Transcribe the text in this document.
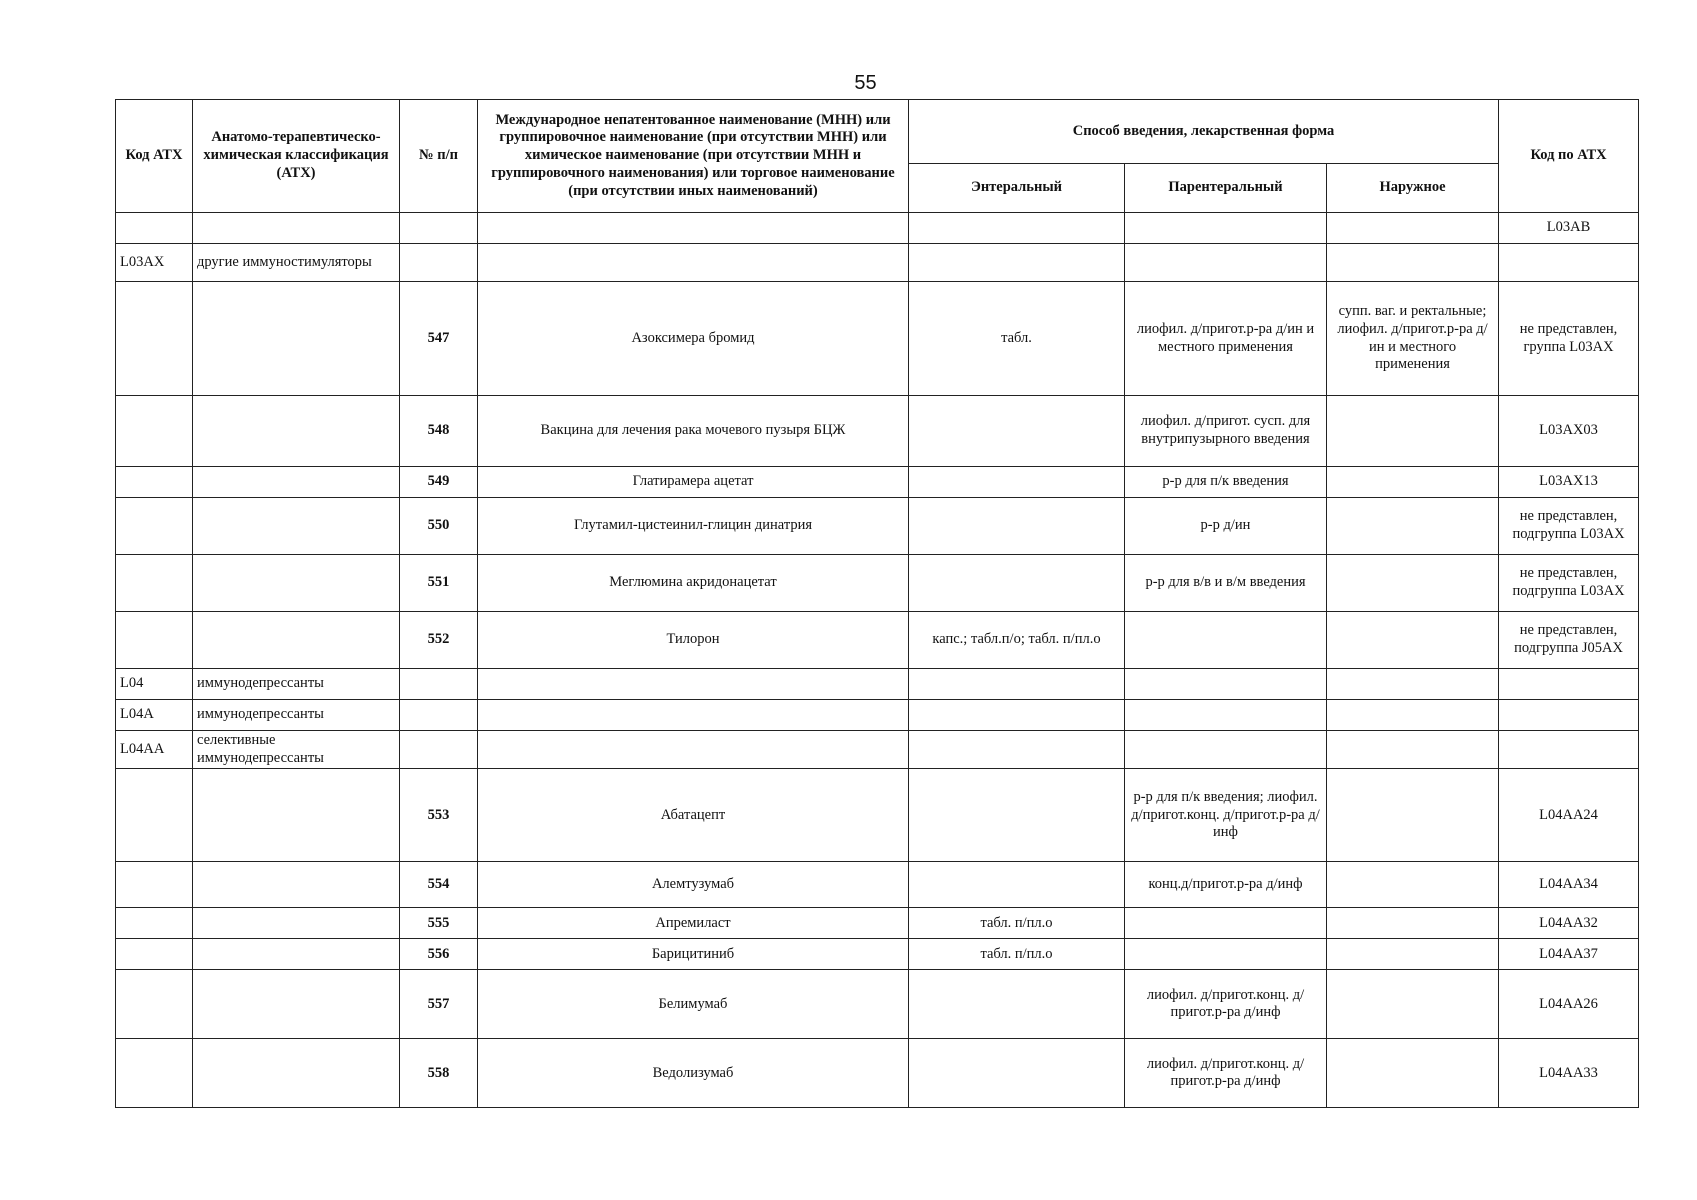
55
Код АТХ	Анатомо-терапевтическо-химическая классификация (АТХ)	№ п/п	Международное непатентованное наименование (МНН) или группировочное наименование (при отсутствии МНН) или химическое наименование (при отсутствии МНН и группировочного наименования) или торговое наименование (при отсутствии иных наименований)	Способ введения, лекарственная форма			Код по АТХ
				Энтеральный	Парентеральный	Наружное	
							L03AB
L03AX	другие иммуностимуляторы						
		547	Азоксимера бромид	табл.	лиофил. д/пригот.р-ра д/ин и местного применения	супп. ваг. и ректальные; лиофил. д/пригот.р-ра д/ин и местного применения	не представлен, группа L03AX
		548	Вакцина для лечения рака мочевого пузыря БЦЖ		лиофил. д/пригот. сусп. для внутрипузырного введения		L03AX03
		549	Глатирамера ацетат		р-р для п/к введения		L03AX13
		550	Глутамил-цистеинил-глицин динатрия		р-р д/ин		не представлен, подгруппа L03AX
		551	Меглюмина акридонацетат		р-р для в/в и в/м введения		не представлен, подгруппа L03AX
		552	Тилорон	капс.; табл.п/о; табл. п/пл.о			не представлен, подгруппа J05AX
L04	иммунодепрессанты						
L04A	иммунодепрессанты						
L04AA	селективные иммунодепрессанты						
		553	Абатацепт		р-р для п/к введения; лиофил. д/пригот.конц. д/пригот.р-ра д/инф		L04AA24
		554	Алемтузумаб		конц.д/пригот.р-ра д/инф		L04AA34
		555	Апремиласт	табл. п/пл.о			L04AA32
		556	Барицитиниб	табл. п/пл.о			L04AA37
		557	Белимумаб		лиофил. д/пригот.конц. д/пригот.р-ра д/инф		L04AA26
		558	Ведолизумаб		лиофил. д/пригот.конц. д/пригот.р-ра д/инф		L04AA33
